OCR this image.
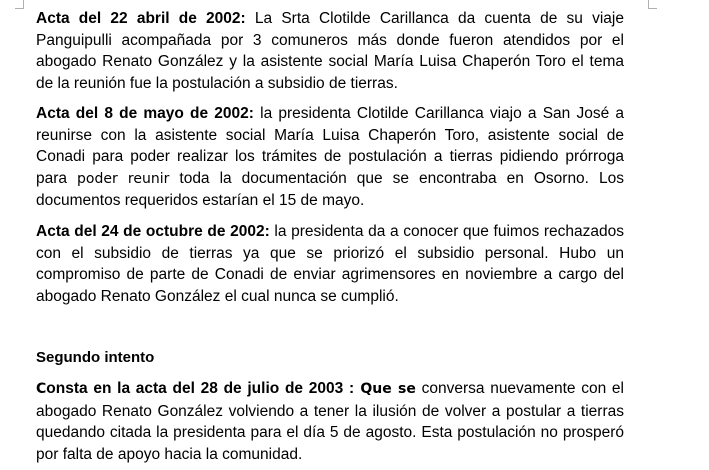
Acta del 22 abril de 2002: La Srta Clotilde Carillanca da cuenta de su viaje Panguipulli acompañada por 3 comuneros más donde fueron atendidos por el abogado Renato González y la asistente social María Luisa Chaperón Toro el tema de la reunión fue la postulación a subsidio de tierras.

Acta del 8 de mayo de 2002: la presidenta Clotilde Carillanca viajo a San José a reunirse con la asistente social María Luisa Chaperón Toro, asistente social de Conadi para poder realizar los trámites de postulación a tierras pidiendo prórroga para poder reunir toda la documentación que se encontraba en Osorno. Los documentos requeridos estarían el 15 de mayo.

Acta del 24 de octubre de 2002: la presidenta da a conocer que fuimos rechazados con el subsidio de tierras ya que se priorizó el subsidio personal. Hubo un compromiso de parte de Conadi de enviar agrimensores en noviembre a cargo del abogado Renato González el cual nunca se cumplió.

Segundo intento

Consta en la acta del 28 de julio de 2003 : Que se conversa nuevamente con el abogado Renato González volviendo a tener la ilusión de volver a postular a tierras quedando citada la presidenta para el día 5 de agosto. Esta postulación no prosperó por falta de apoyo hacia la comunidad.
